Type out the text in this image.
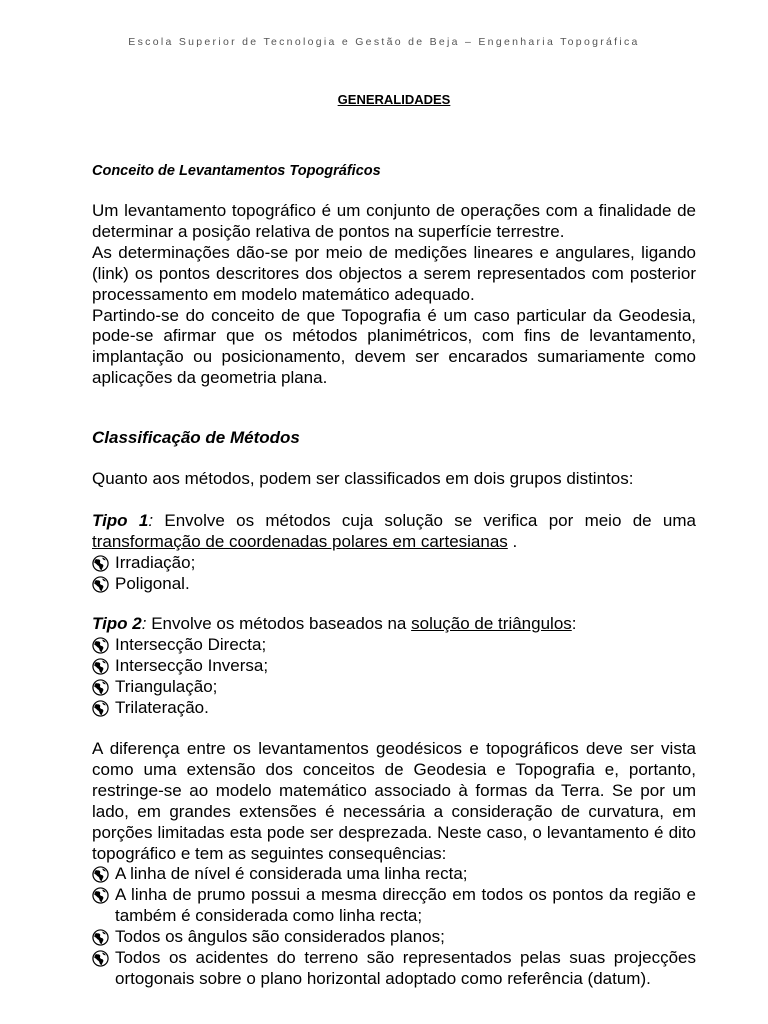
Escola Superior de Tecnologia e Gestão de Beja – Engenharia Topográfica
GENERALIDADES
Conceito de Levantamentos Topográficos

Um levantamento topográfico é um conjunto de operações com a finalidade de determinar a posição relativa de pontos na superfície terrestre.

As determinações dão-se por meio de medições lineares e angulares, ligando (link) os pontos descritores dos objectos a serem representados com posterior processamento em modelo matemático adequado.

Partindo-se do conceito de que Topografia é um caso particular da Geodesia, pode-se afirmar que os métodos planimétricos, com fins de levantamento, implantação ou posicionamento, devem ser encarados sumariamente como aplicações da geometria plana.

Classificação de Métodos
Quanto aos métodos, podem ser classificados em dois grupos distintos:

Tipo 1: Envolve os métodos cuja solução se verifica por meio de uma transformação de coordenadas polares em cartesianas .

Irradiação;
Poligonal.
Tipo 2: Envolve os métodos baseados na solução de triângulos:
Intersecção Directa;
Intersecção Inversa;
Triangulação;
Trilateração.

A diferença entre os levantamentos geodésicos e topográficos deve ser vista como uma extensão dos conceitos de Geodesia e Topografia e, portanto, restringe-se ao modelo matemático associado à formas da Terra. Se por um lado, em grandes extensões é necessária a consideração de curvatura, em porções limitadas esta pode ser desprezada. Neste caso, o levantamento é dito topográfico e tem as seguintes consequências:

A linha de nível é considerada uma linha recta;
A linha de prumo possui a mesma direcção em todos os pontos da região e também é considerada como linha recta;
Todos os ângulos são considerados planos;
Todos os acidentes do terreno são representados pelas suas projecções ortogonais sobre o plano horizontal adoptado como referência (datum).
